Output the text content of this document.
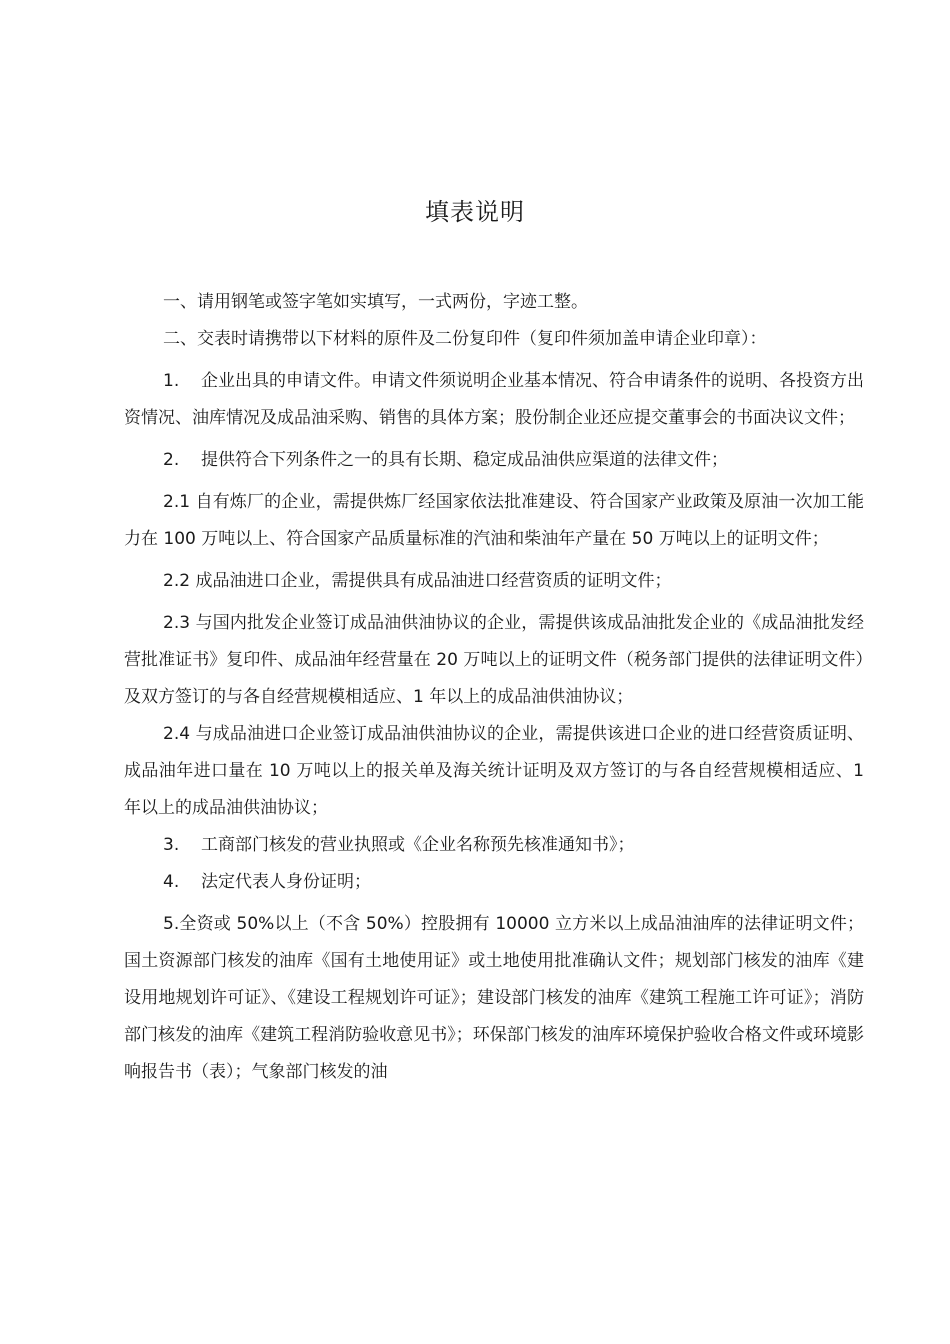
填表说明

一、请用钢笔或签字笔如实填写，一式两份，字迹工整。

二、交表时请携带以下材料的原件及二份复印件（复印件须加盖申请企业印章）：

1. 企业出具的申请文件。申请文件须说明企业基本情况、符合申请条件的说明、各投资方出资情况、油库情况及成品油采购、销售的具体方案；股份制企业还应提交董事会的书面决议文件；

2. 提供符合下列条件之一的具有长期、稳定成品油供应渠道的法律文件；

2.1 自有炼厂的企业，需提供炼厂经国家依法批准建设、符合国家产业政策及原油一次加工能力在 100 万吨以上、符合国家产品质量标准的汽油和柴油年产量在 50 万吨以上的证明文件；

2.2 成品油进口企业，需提供具有成品油进口经营资质的证明文件；

2.3 与国内批发企业签订成品油供油协议的企业，需提供该成品油批发企业的《成品油批发经营批准证书》复印件、成品油年经营量在 20 万吨以上的证明文件（税务部门提供的法律证明文件）及双方签订的与各自经营规模相适应、1 年以上的成品油供油协议；

2.4 与成品油进口企业签订成品油供油协议的企业，需提供该进口企业的进口经营资质证明、成品油年进口量在 10 万吨以上的报关单及海关统计证明及双方签订的与各自经营规模相适应、1 年以上的成品油供油协议；

3. 工商部门核发的营业执照或《企业名称预先核准通知书》；

4. 法定代表人身份证明；

5.全资或 50%以上（不含 50%）控股拥有 10000 立方米以上成品油油库的法律证明文件；国土资源部门核发的油库《国有土地使用证》或土地使用批准确认文件；规划部门核发的油库《建设用地规划许可证》、《建设工程规划许可证》；建设部门核发的油库《建筑工程施工许可证》；消防部门核发的油库《建筑工程消防验收意见书》；环保部门核发的油库环境保护验收合格文件或环境影响报告书（表）；气象部门核发的油
